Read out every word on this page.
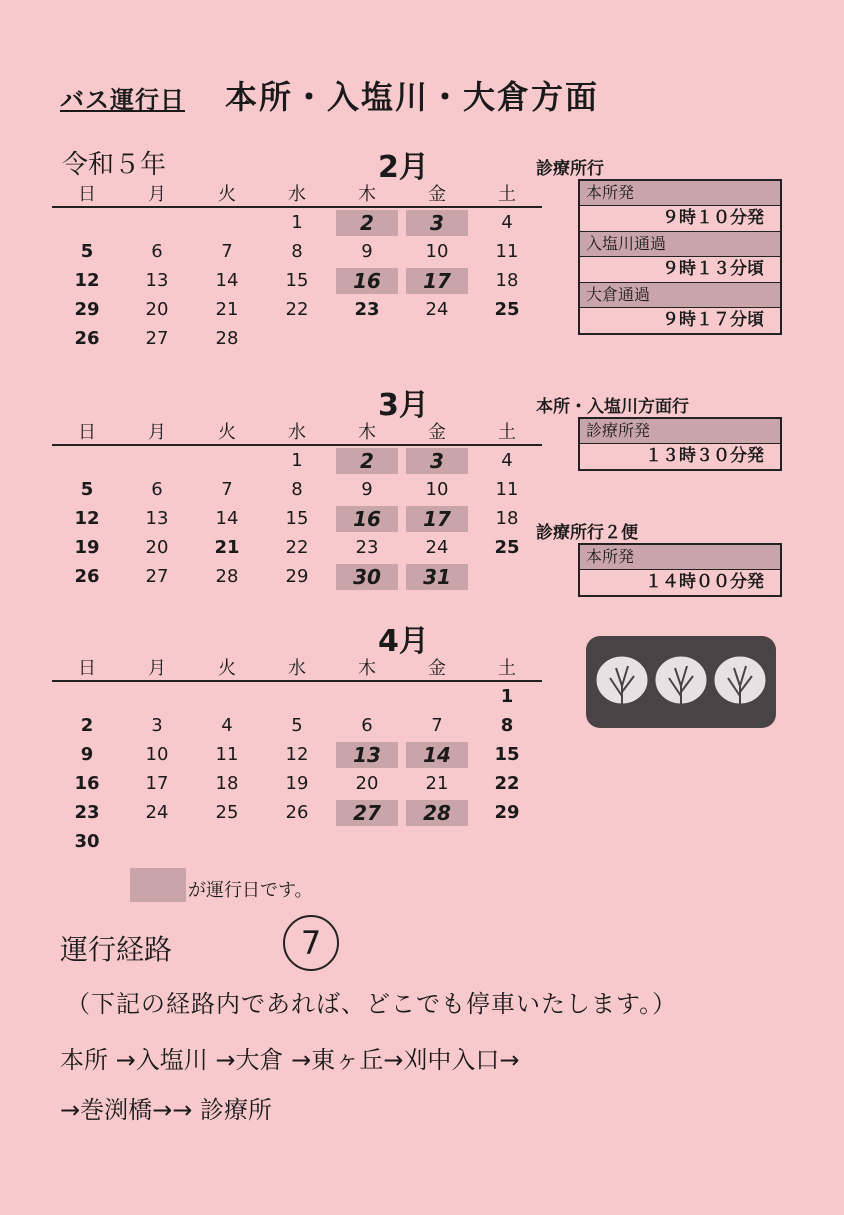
バス運行日 本所・入塩川・大倉方面
令和５年	2月
日	月	火	水	木	金	土
			1	2	3	4
5	6	7	8	9	10	11
12	13	14	15	16	17	18
29	20	21	22	23	24	25
26	27	28				
3月
日	月	火	水	木	金	土
			1	2	3	4
5	6	7	8	9	10	11
12	13	14	15	16	17	18
19	20	21	22	23	24	25
26	27	28	29	30	31	
4月
日	月	火	水	木	金	土
						1
2	3	4	5	6	7	8
9	10	11	12	13	14	15
16	17	18	19	20	21	22
23	24	25	26	27	28	29
30						
診療所行
本所発
９時１０分発
入塩川通過
９時１３分頃
大倉通過
９時１７分頃
本所・入塩川方面行
診療所発
１３時３０分発
診療所行２便
本所発
１４時００分発
が運行日です。
運行経路	7
（下記の経路内であれば、どこでも停車いたします。）
本所 →入塩川 →大倉 →東ヶ丘→刈中入口→
→巻渕橋→→ 診療所
